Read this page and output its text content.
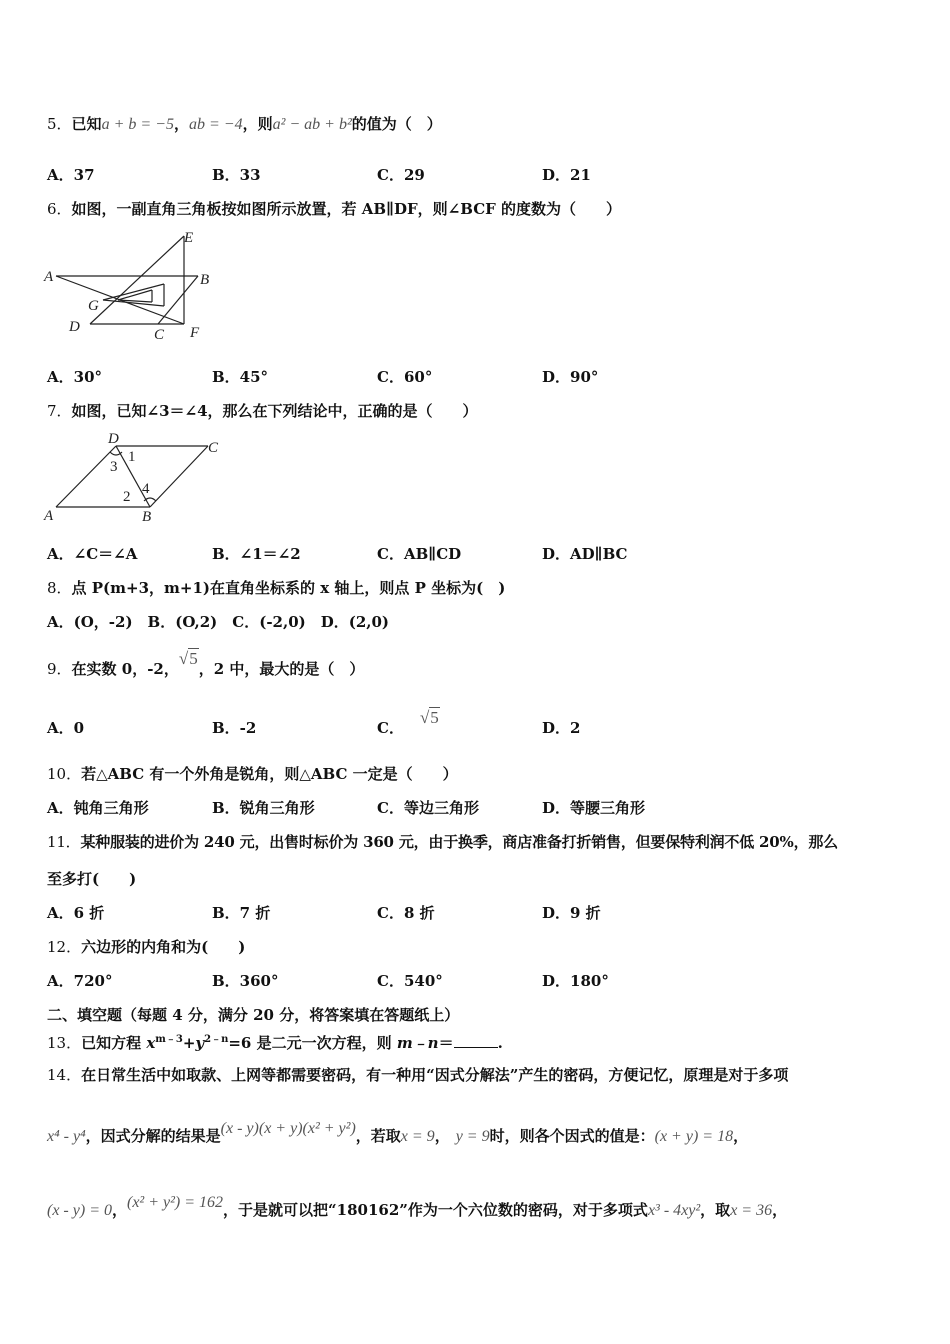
5．已知a + b = −5，ab = −4，则a² − ab + b²的值为（　）
A．37	B．33	C．29	D．21
6．如图，一副直角三角板按如图所示放置，若 AB∥DF，则∠BCF 的度数为（　　）
A	B
C
D
E
F
G
A．30°	B．45°	C．60°	D．90°
7．如图，已知∠3＝∠4，那么在下列结论中，正确的是（　　）
D
C
A	B
1
2
3
4
A．∠C＝∠A	B．∠1＝∠2	C．AB∥CD	D．AD∥BC
8．点 P(m+3，m+1)在直角坐标系的 x 轴上，则点 P 坐标为(　)
A．(O，-2)　B．(O,2)　C．(-2,0)　D．(2,0)
9．在实数 0，-2，√5，2 中，最大的是（　）
A．0	B．-2	C．√5
D．2
10．若△ABC 有一个外角是锐角，则△ABC 一定是（　　）
A．钝角三角形	B．锐角三角形	C．等边三角形	D．等腰三角形
11．某种服装的进价为 240 元，出售时标价为 360 元，由于换季，商店准备打折销售，但要保特利润不低 20%，那么
至多打(　　)
A．6 折	B．7 折	C．8 折	D．9 折
12．六边形的内角和为(　　)
A．720°	B．360°	C．540°	D．180°
二、填空题（每题 4 分，满分 20 分，将答案填在答题纸上）
13．已知方程 $x^{m﹣3}+y^{2﹣n}=6$ 是二元一次方程，则 m﹣n＝	.
14．在日常生活中如取款、上网等都需要密码，有一种用“因式分解法”产生的密码，方便记忆，原理是对于多项
x⁴ - y⁴，因式分解的结果是(x - y)(x + y)(x² + y²)，若取x = 9， y = 9时，则各个因式的值是：(x + y) = 18，
(x - y) = 0，(x² + y²) = 162，于是就可以把“180162”作为一个六位数的密码，对于多项式x³ - 4xy²，取x = 36，
